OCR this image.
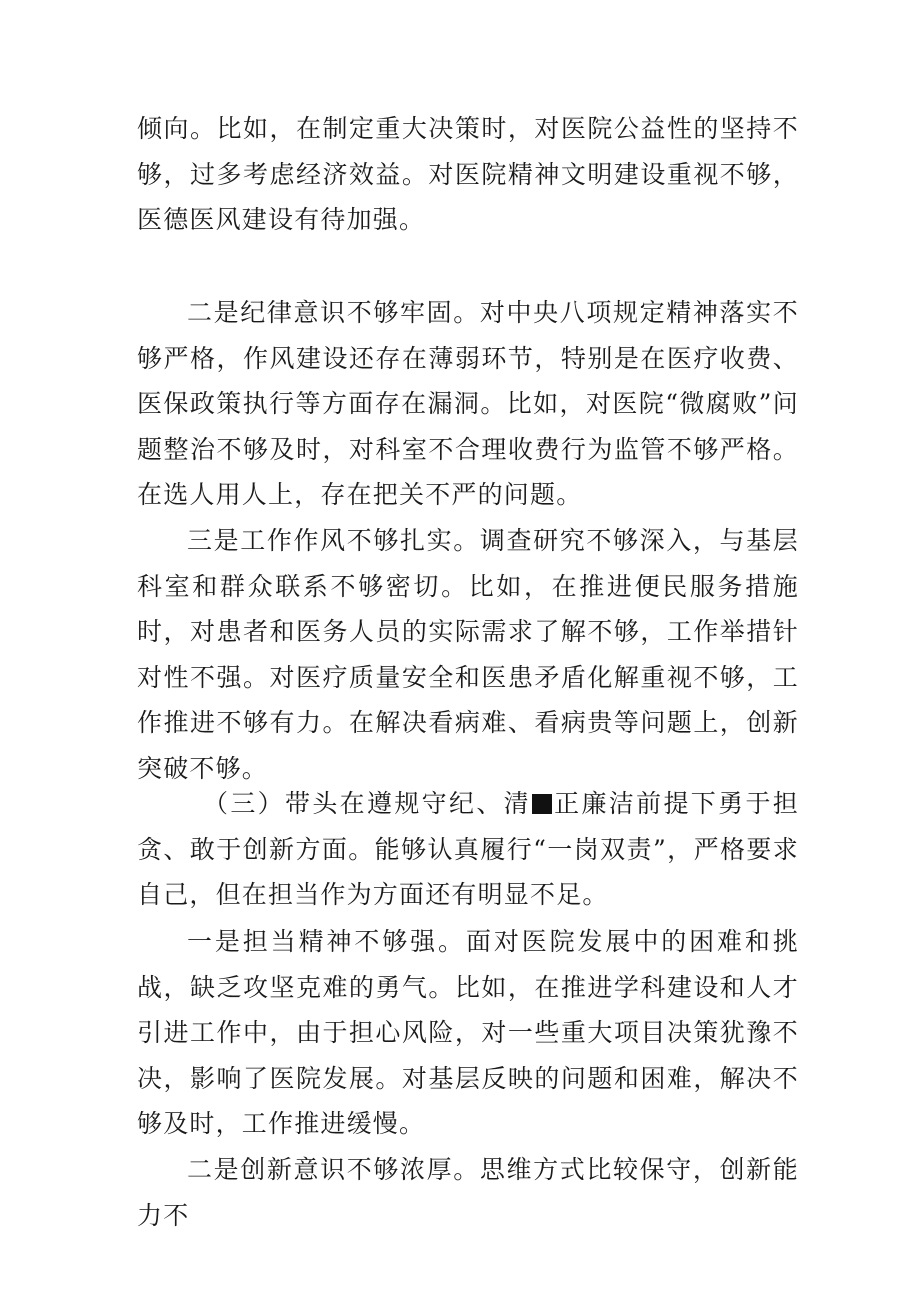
倾向。比如，在制定重大决策时，对医院公益性的坚持不够，过多考虑经济效益。对医院精神文明建设重视不够，医德医风建设有待加强。

二是纪律意识不够牢固。对中央八项规定精神落实不够严格，作风建设还存在薄弱环节，特别是在医疗收费、医保政策执行等方面存在漏洞。比如，对医院“微腐败”问题整治不够及时，对科室不合理收费行为监管不够严格。在选人用人上，存在把关不严的问题。

三是工作作风不够扎实。调查研究不够深入，与基层科室和群众联系不够密切。比如，在推进便民服务措施时，对患者和医务人员的实际需求了解不够，工作举措针对性不强。对医疗质量安全和医患矛盾化解重视不够，工作推进不够有力。在解决看病难、看病贵等问题上，创新突破不够。

（三）带头在遵规守纪、清 正廉洁前提下勇于担贪、敢于创新方面。能够认真履行“一岗双责”，严格要求自己，但在担当作为方面还有明显不足。

一是担当精神不够强。面对医院发展中的困难和挑战，缺乏攻坚克难的勇气。比如，在推进学科建设和人才引进工作中，由于担心风险，对一些重大项目决策犹豫不决，影响了医院发展。对基层反映的问题和困难，解决不够及时，工作推进缓慢。

二是创新意识不够浓厚。思维方式比较保守，创新能力不
